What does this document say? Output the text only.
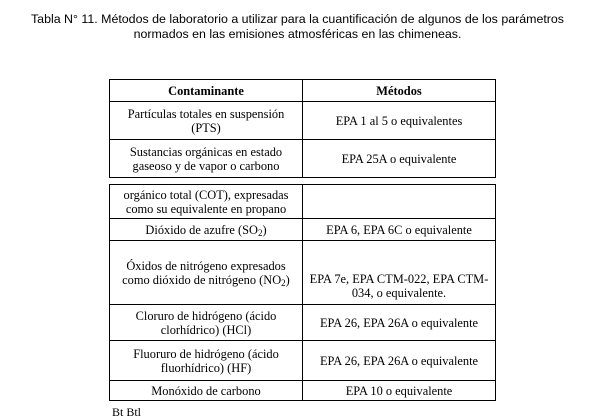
Tabla N° 11. Métodos de laboratorio a utilizar para la cuantificación de algunos de los parámetros
normados en las emisiones atmosféricas en las chimeneas.
Contaminante	Métodos
Partículas totales en suspensión (PTS)	EPA 1 al 5 o equivalentes
Sustancias orgánicas en estado gaseoso y de vapor o carbono	EPA 25A o equivalente
orgánico total (COT), expresadas como su equivalente en propano	
Dióxido de azufre $(SO_2)$	EPA 6, EPA 6C o equivalente
Óxidos de nitrógeno expresados como dióxido de nitrógeno $(NO_2)$	EPA 7e, EPA CTM-022, EPA CTM-034, o equivalente.
Cloruro de hidrógeno (ácido clorhídrico) (HCl)	EPA 26, EPA 26A o equivalente
Fluoruro de hidrógeno (ácido fluorhídrico) (HF)	EPA 26, EPA 26A o equivalente
Monóxido de carbono	EPA 10 o equivalente
Bt Btl
